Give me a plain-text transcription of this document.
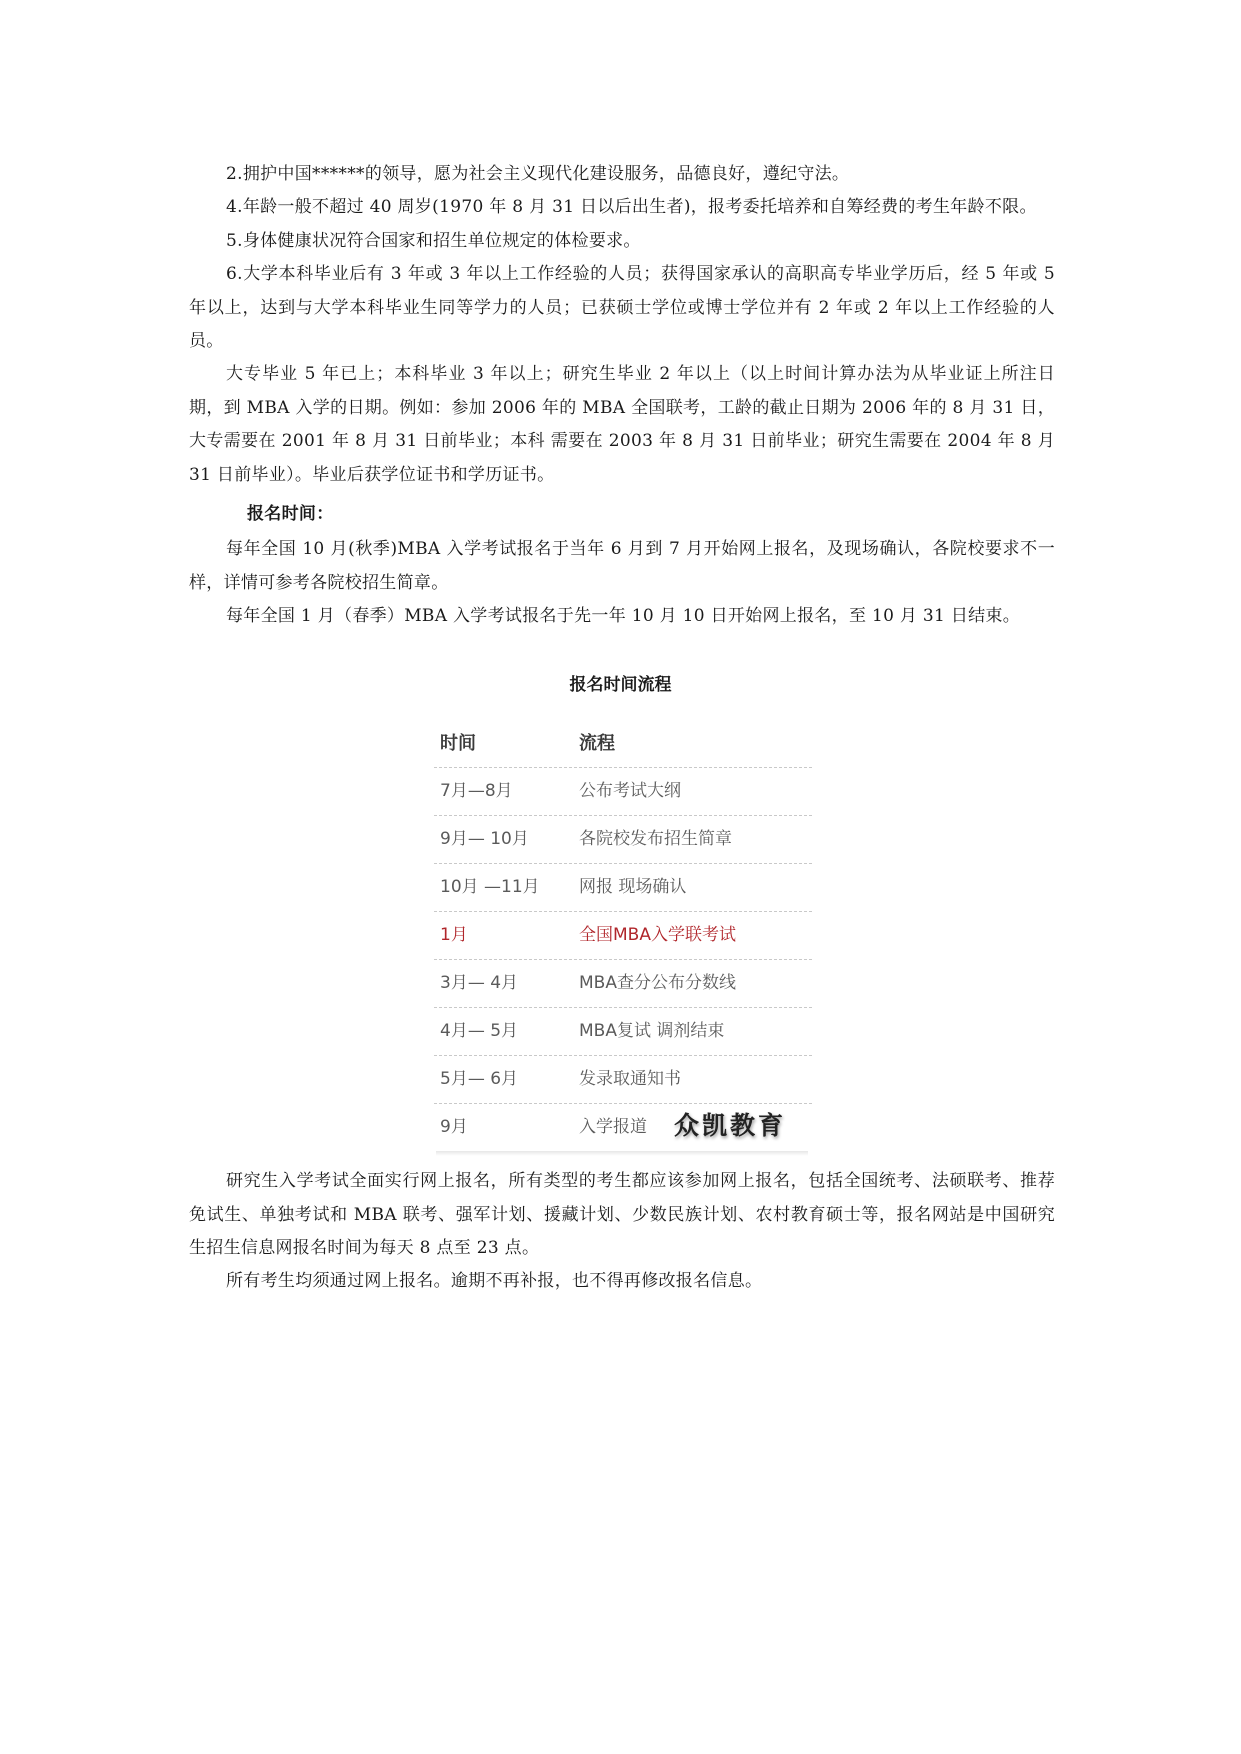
2.拥护中国******的领导，愿为社会主义现代化建设服务，品德良好，遵纪守法。

4.年龄一般不超过 40 周岁(1970 年 8 月 31 日以后出生者)，报考委托培养和自筹经费的考生年龄不限。

5.身体健康状况符合国家和招生单位规定的体检要求。

6.大学本科毕业后有 3 年或 3 年以上工作经验的人员；获得国家承认的高职高专毕业学历后，经 5 年或 5 年以上，达到与大学本科毕业生同等学力的人员；已获硕士学位或博士学位并有 2 年或 2 年以上工作经验的人员。

大专毕业 5 年已上；本科毕业 3 年以上；研究生毕业 2 年以上（以上时间计算办法为从毕业证上所注日 期，到 MBA 入学的日期。例如：参加 2006 年的 MBA 全国联考，工龄的截止日期为 2006 年的 8 月 31 日，大专需要在 2001 年 8 月 31 日前毕业；本科 需要在 2003 年 8 月 31 日前毕业；研究生需要在 2004 年 8 月 31 日前毕业）。毕业后获学位证书和学历证书。

报名时间：

每年全国 10 月(秋季)MBA 入学考试报名于当年 6 月到 7 月开始网上报名，及现场确认，各院校要求不一样，详情可参考各院校招生简章。

每年全国 1 月（春季）MBA 入学考试报名于先一年 10 月 10 日开始网上报名，至 10 月 31 日结束。

报名时间流程
时间	流程
7月—8月	公布考试大纲
9月— 10月	各院校发布招生简章
10月 —11月	网报 现场确认
1月	全国MBA入学联考试
3月— 4月	MBA查分公布分数线
4月— 5月	MBA复试 调剂结束
5月— 6月	发录取通知书
9月	入学报道	众凯教育

研究生入学考试全面实行网上报名，所有类型的考生都应该参加网上报名，包括全国统考、法硕联考、推荐免试生、单独考试和 MBA 联考、强军计划、援藏计划、少数民族计划、农村教育硕士等，报名网站是中国研究生招生信息网报名时间为每天 8 点至 23 点。

所有考生均须通过网上报名。逾期不再补报，也不得再修改报名信息。
